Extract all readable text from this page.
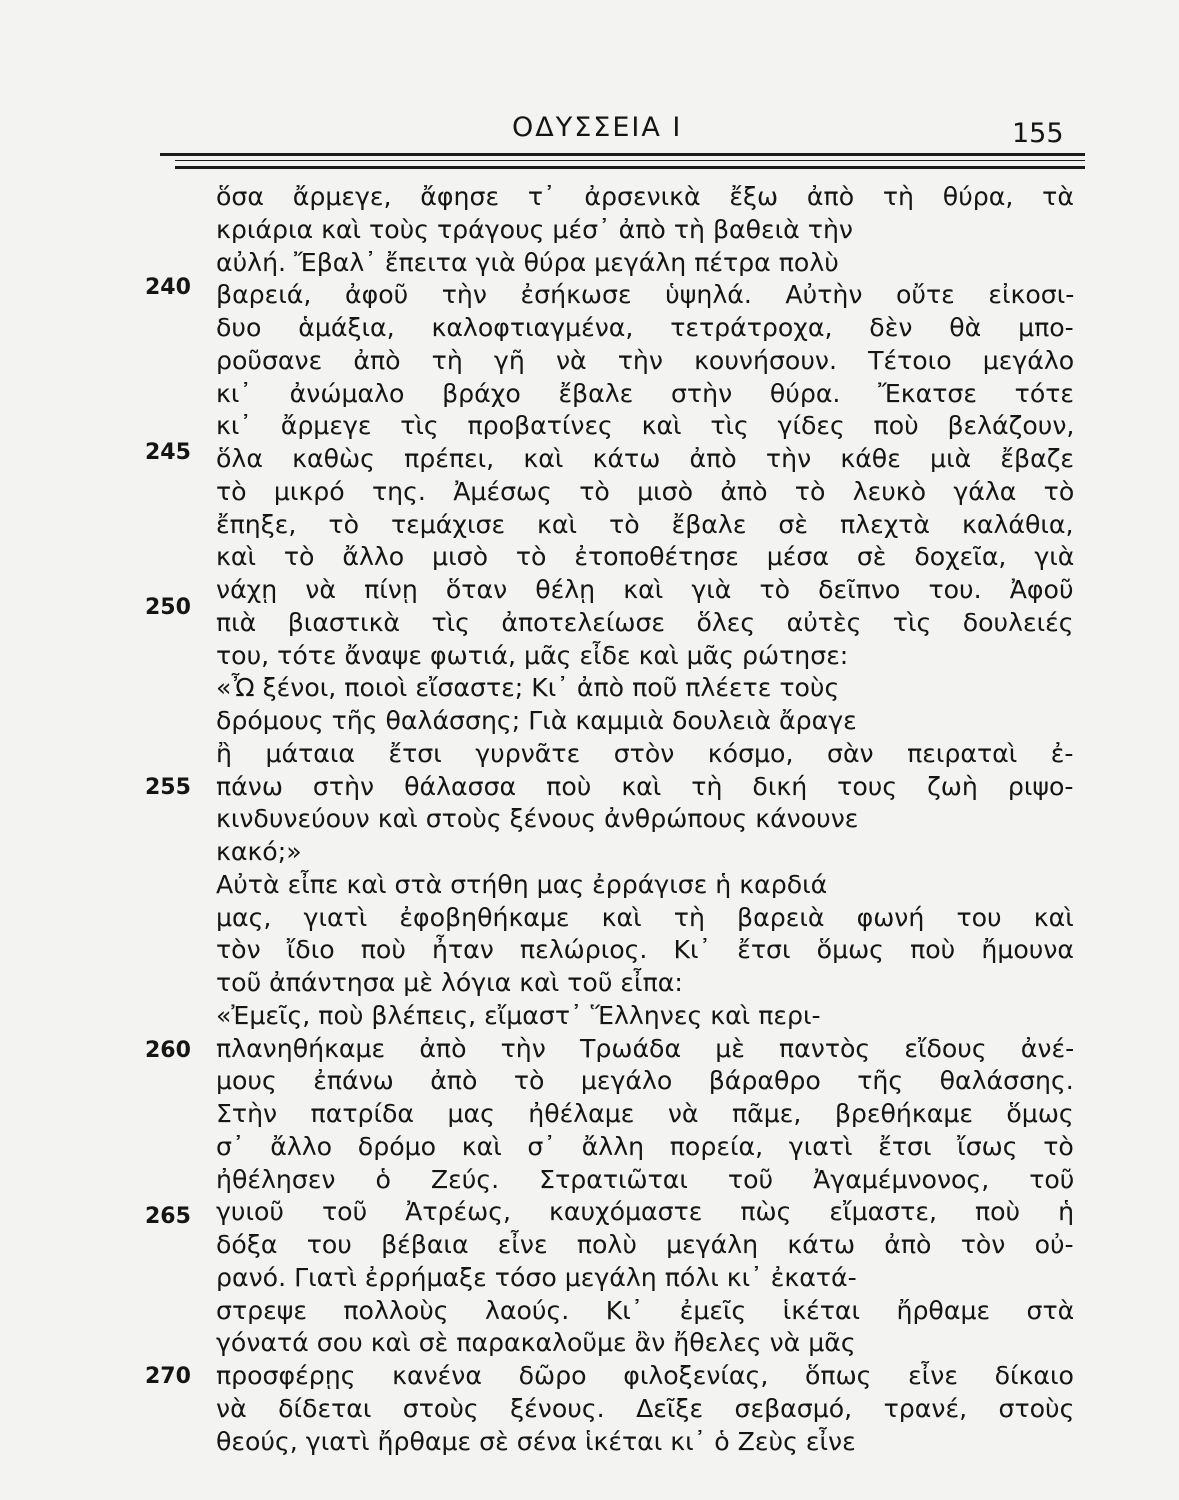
ΟΔΥΣΣΕΙΑ Ι	155
240
245
250
255
260
265
270
ὅσα ἄρμεγε, ἄφησε τ᾽ ἀρσενικὰ ἔξω ἀπὸ τὴ θύρα, τὰ
κριάρια καὶ τοὺς τράγους μέσ᾽ ἀπὸ τὴ βαθειὰ τὴν
αὐλή. Ἔβαλ᾽ ἔπειτα γιὰ θύρα μεγάλη πέτρα πολὺ
βαρειά, ἀφοῦ τὴν ἐσήκωσε ὑψηλά. Αὐτὴν οὔτε εἰκοσι-
δυο ἁμάξια, καλοφτιαγμένα, τετράτροχα, δὲν θὰ μπο-
ροῦσανε ἀπὸ τὴ γῆ νὰ τὴν κουνήσουν. Τέτοιο μεγάλο
κι᾽ ἀνώμαλο βράχο ἔβαλε στὴν θύρα. Ἔκατσε τότε
κι᾽ ἄρμεγε τὶς προβατίνες καὶ τὶς γίδες ποὺ βελάζουν,
ὅλα καθὼς πρέπει, καὶ κάτω ἀπὸ τὴν κάθε μιὰ ἔβαζε
τὸ μικρό της. Ἀμέσως τὸ μισὸ ἀπὸ τὸ λευκὸ γάλα τὸ
ἔπηξε, τὸ τεμάχισε καὶ τὸ ἔβαλε σὲ πλεχτὰ καλάθια,
καὶ τὸ ἄλλο μισὸ τὸ ἐτοποθέτησε μέσα σὲ δοχεῖα, γιὰ
νάχῃ νὰ πίνῃ ὅταν θέλῃ καὶ γιὰ τὸ δεῖπνο του. Ἀφοῦ
πιὰ βιαστικὰ τὶς ἀποτελείωσε ὅλες αὐτὲς τὶς δουλειές
του, τότε ἄναψε φωτιά, μᾶς εἶδε καὶ μᾶς ρώτησε:
«Ὦ ξένοι, ποιοὶ εἴσαστε; Κι᾽ ἀπὸ ποῦ πλέετε τοὺς
δρόμους τῆς θαλάσσης; Γιὰ καμμιὰ δουλειὰ ἄραγε
ἢ μάταια ἔτσι γυρνᾶτε στὸν κόσμο, σὰν πειραταὶ ἐ-
πάνω στὴν θάλασσα ποὺ καὶ τὴ δική τους ζωὴ ριψο-
κινδυνεύουν καὶ στοὺς ξένους ἀνθρώπους κάνουνε
κακό;»
Αὐτὰ εἶπε καὶ στὰ στήθη μας ἐρράγισε ἡ καρδιά
μας, γιατὶ ἐφοβηθήκαμε καὶ τὴ βαρειὰ φωνή του καὶ
τὸν ἴδιο ποὺ ἦταν πελώριος. Κι᾽ ἔτσι ὅμως ποὺ ἤμουνα
τοῦ ἀπάντησα μὲ λόγια καὶ τοῦ εἶπα:
«Ἐμεῖς, ποὺ βλέπεις, εἴμαστ᾽ Ἕλληνες καὶ περι-
πλανηθήκαμε ἀπὸ τὴν Τρωάδα μὲ παντὸς εἴδους ἀνέ-
μους ἐπάνω ἀπὸ τὸ μεγάλο βάραθρο τῆς θαλάσσης.
Στὴν πατρίδα μας ἠθέλαμε νὰ πᾶμε, βρεθήκαμε ὅμως
σ᾽ ἄλλο δρόμο καὶ σ᾽ ἄλλη πορεία, γιατὶ ἔτσι ἴσως τὸ
ἠθέλησεν ὁ Ζεύς. Στρατιῶται τοῦ Ἀγαμέμνονος, τοῦ
γυιοῦ τοῦ Ἀτρέως, καυχόμαστε πὼς εἴμαστε, ποὺ ἡ
δόξα του βέβαια εἶνε πολὺ μεγάλη κάτω ἀπὸ τὸν οὐ-
ρανό. Γιατὶ ἐρρήμαξε τόσο μεγάλη πόλι κι᾽ ἐκατά-
στρεψε πολλοὺς λαούς. Κι᾽ ἐμεῖς ἱκέται ἤρθαμε στὰ
γόνατά σου καὶ σὲ παρακαλοῦμε ἂν ἤθελες νὰ μᾶς
προσφέρῃς κανένα δῶρο φιλοξενίας, ὅπως εἶνε δίκαιο
νὰ δίδεται στοὺς ξένους. Δεῖξε σεβασμό, τρανέ, στοὺς
θεούς, γιατὶ ἤρθαμε σὲ σένα ἱκέται κι᾽ ὁ Ζεὺς εἶνε
